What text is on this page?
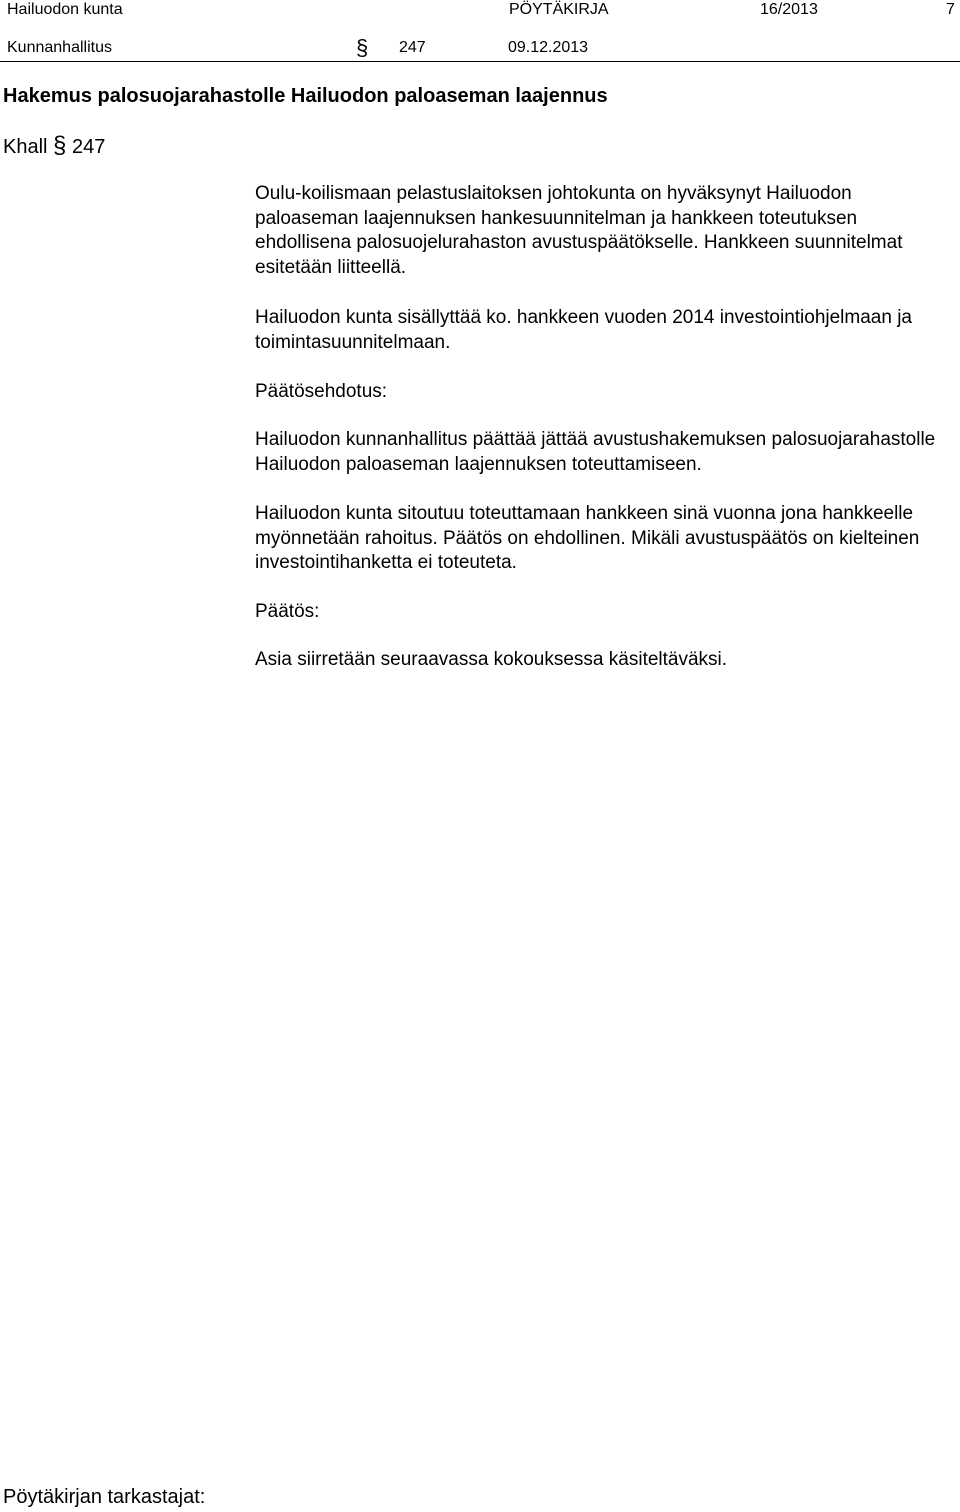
Hailuodon kunta	PÖYTÄKIRJA	16/2013	7
Kunnanhallitus	§ 247	09.12.2013
Hakemus palosuojarahastolle Hailuodon paloaseman laajennus
Khall § 247
Oulu-koilismaan pelastuslaitoksen johtokunta on hyväksynyt Hailuodon paloaseman laajennuksen hankesuunnitelman ja hankkeen toteutuksen ehdollisena palosuojelurahaston avustuspäätökselle. Hankkeen suunnitelmat esitetään liitteellä.
Hailuodon kunta sisällyttää ko. hankkeen vuoden 2014 investointiohjelmaan ja toimintasuunnitelmaan.
Päätösehdotus:
Hailuodon kunnanhallitus päättää jättää avustushakemuksen palosuojarahastolle Hailuodon paloaseman laajennuksen toteuttamiseen.
Hailuodon kunta sitoutuu toteuttamaan hankkeen sinä vuonna jona hankkeelle myönnetään rahoitus. Päätös on ehdollinen. Mikäli avustuspäätös on kielteinen investointihanketta ei toteuteta.
Päätös:
Asia siirretään seuraavassa kokouksessa käsiteltäväksi.
Pöytäkirjan tarkastajat:
